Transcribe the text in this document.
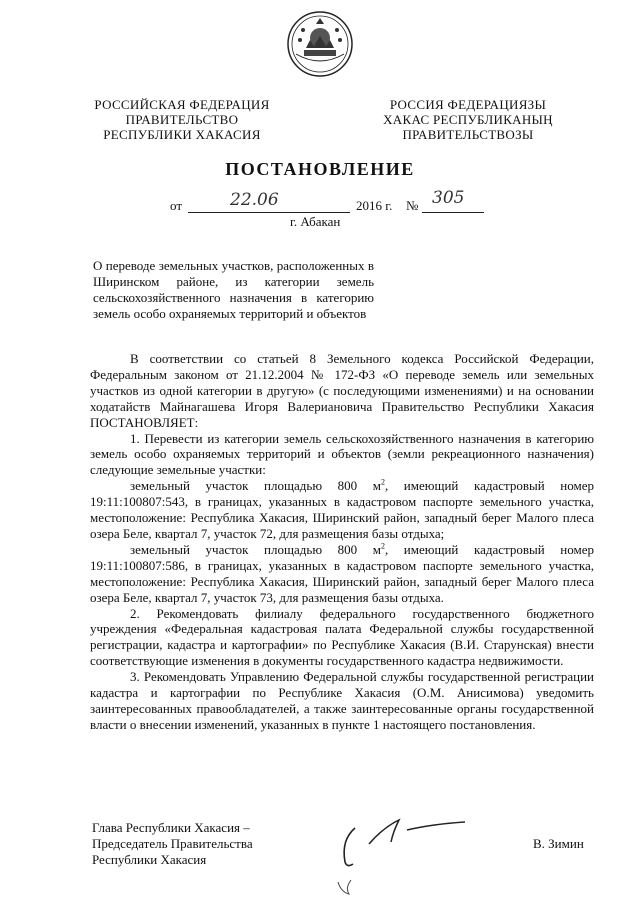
РОССИЙСКАЯ ФЕДЕРАЦИЯ
ПРАВИТЕЛЬСТВО
РЕСПУБЛИКИ ХАКАСИЯ
РОССИЯ ФЕДЕРАЦИЯЗЫ
ХАКАС РЕСПУБЛИКАНЫҢ
ПРАВИТЕЛЬСТВОЗЫ
ПОСТАНОВЛЕНИЕ
от	22.06	2016 г. № 305
г. Абакан
О переводе земельных участков, расположенных в Ширинском районе, из категории земель сельскохозяйственного назначения в категорию земель особо охраняемых территорий и объектов

В соответствии со статьей 8 Земельного кодекса Российской Федерации, Федеральным законом от 21.12.2004 № 172-ФЗ «О переводе земель или земельных участков из одной категории в другую» (с последующими изменениями) и на основании ходатайств Майнагашева Игоря Валериановича Правительство Республики Хакасия ПОСТАНОВЛЯЕТ:

1. Перевести из категории земель сельскохозяйственного назначения в категорию земель особо охраняемых территорий и объектов (земли рекреационного назначения) следующие земельные участки:

земельный участок площадью 800 $м^2$, имеющий кадастровый номер 19:11:100807:543, в границах, указанных в кадастровом паспорте земельного участка, местоположение: Республика Хакасия, Ширинский район, западный берег Малого плеса озера Беле, квартал 7, участок 72, для размещения базы отдыха;

земельный участок площадью 800 $м^2$, имеющий кадастровый номер 19:11:100807:586, в границах, указанных в кадастровом паспорте земельного участка, местоположение: Республика Хакасия, Ширинский район, западный берег Малого плеса озера Беле, квартал 7, участок 73, для размещения базы отдыха.

2. Рекомендовать филиалу федерального государственного бюджетного учреждения «Федеральная кадастровая палата Федеральной службы государственной регистрации, кадастра и картографии» по Республике Хакасия (В.И. Старунская) внести соответствующие изменения в документы государственного кадастра недвижимости.

3. Рекомендовать Управлению Федеральной службы государственной регистрации кадастра и картографии по Республике Хакасия (О.М. Анисимова) уведомить заинтересованных правообладателей, а также заинтересованные органы государственной власти о внесении изменений, указанных в пункте 1 настоящего постановления.

Глава Республики Хакасия –
Председатель Правительства
Республики Хакасия
В. Зимин
